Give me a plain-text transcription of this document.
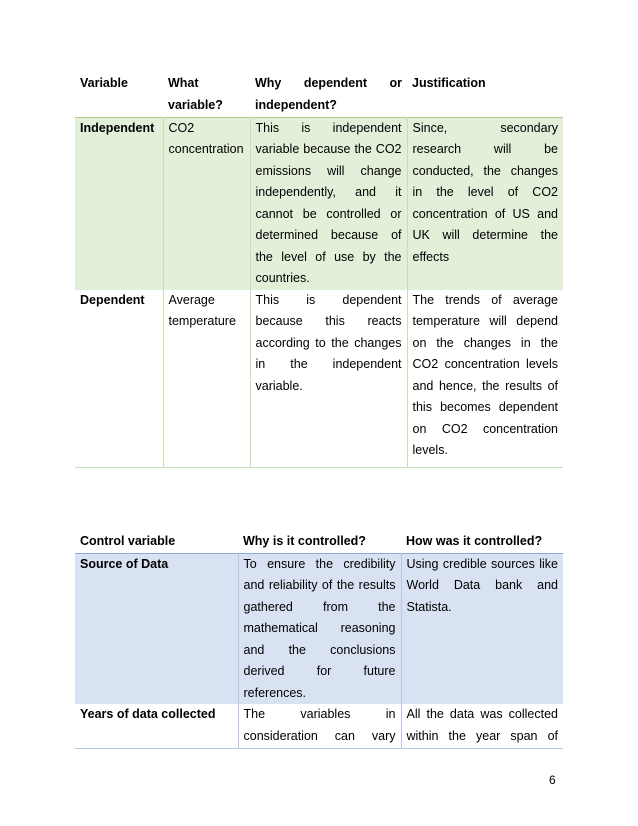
Variable	What variable?	Why dependent or independent?	Justification
Independent	CO2 concentration	This is independent variable because the CO2 emissions will change independently, and it cannot be controlled or determined because of the level of use by the countries.	Since, secondary research will be conducted, the changes in the level of CO2 concentration of US and UK will determine the effects
Dependent	Average temperature	This is dependent because this reacts according to the changes in the independent variable.	The trends of average temperature will depend on the changes in the CO2 concentration levels and hence, the results of this becomes dependent on CO2 concentration levels.
Control variable	Why is it controlled?	How was it controlled?
Source of Data	To ensure the credibility and reliability of the results gathered from the mathematical reasoning and the conclusions derived for future references.	Using credible sources like World Data bank and Statista.
Years of data collected	The variables in consideration can vary	All the data was collected within the year span of
6
